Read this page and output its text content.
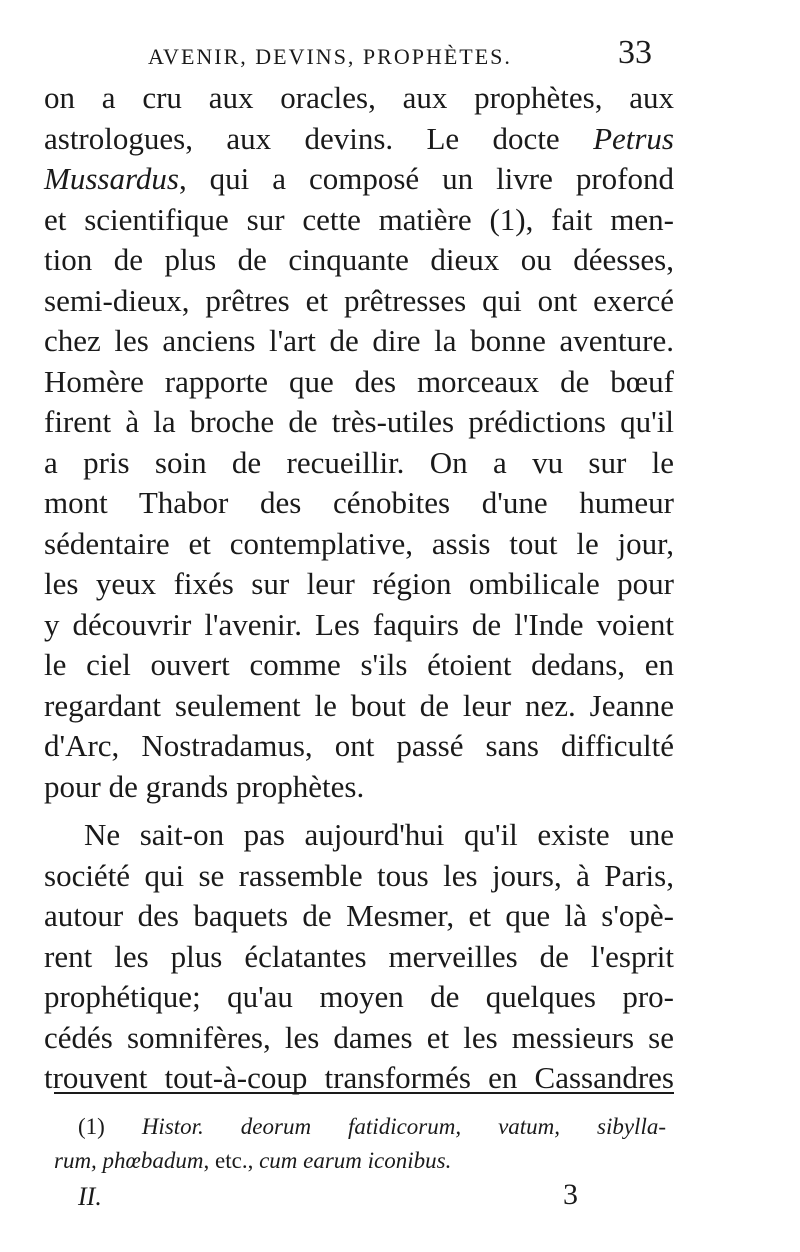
AVENIR, DEVINS, PROPHÈTES.	33
on a cru aux oracles, aux prophètes, aux
astrologues, aux devins. Le docte Petrus
Mussardus, qui a composé un livre profond
et scientifique sur cette matière (1), fait men-
tion de plus de cinquante dieux ou déesses,
semi-dieux, prêtres et prêtresses qui ont exercé
chez les anciens l'art de dire la bonne aventure.
Homère rapporte que des morceaux de bœuf
firent à la broche de très-utiles prédictions qu'il
a pris soin de recueillir. On a vu sur le
mont Thabor des cénobites d'une humeur
sédentaire et contemplative, assis tout le jour,
les yeux fixés sur leur région ombilicale pour
y découvrir l'avenir. Les faquirs de l'Inde voient
le ciel ouvert comme s'ils étoient dedans, en
regardant seulement le bout de leur nez. Jeanne
d'Arc, Nostradamus, ont passé sans difficulté
pour de grands prophètes.
Ne sait-on pas aujourd'hui qu'il existe une
société qui se rassemble tous les jours, à Paris,
autour des baquets de Mesmer, et que là s'opè-
rent les plus éclatantes merveilles de l'esprit
prophétique; qu'au moyen de quelques pro-
cédés somnifères, les dames et les messieurs se
trouvent tout-à-coup transformés en Cassandres
(1) Histor. deorum fatidicorum, vatum, sibylla-
rum, phœbadum, etc., cum earum iconibus.
II.	3
